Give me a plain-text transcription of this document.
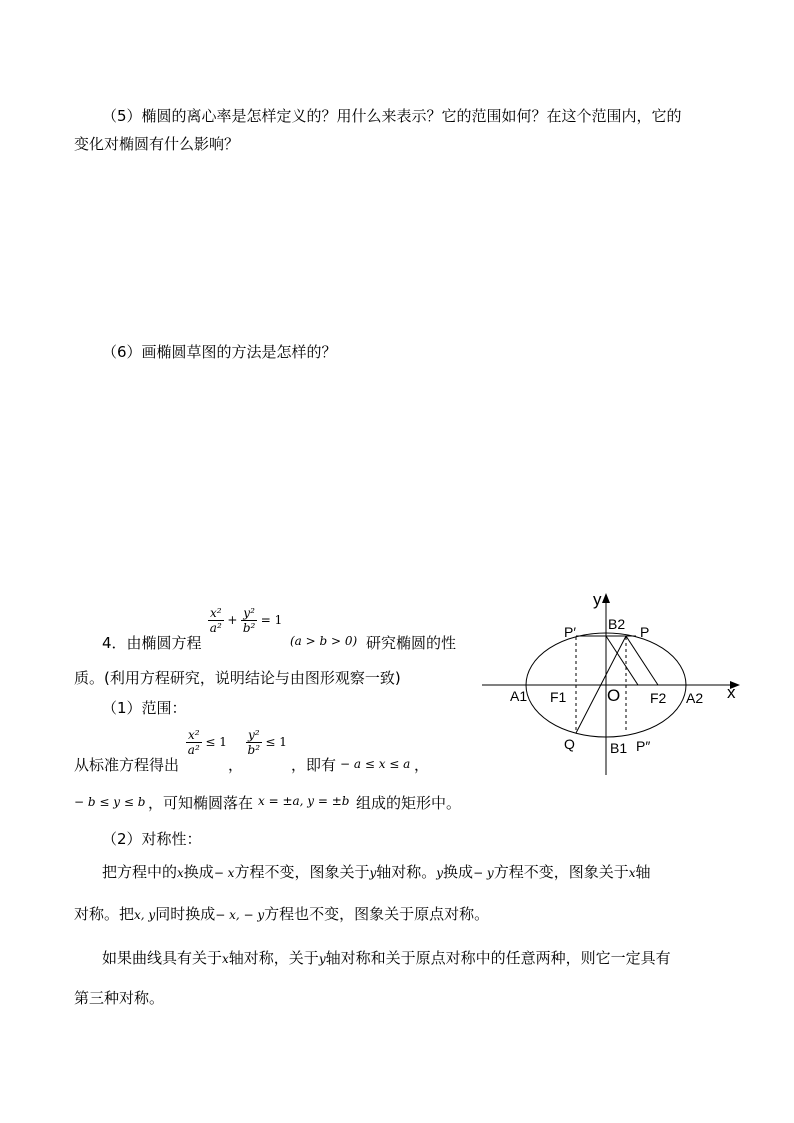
（5）椭圆的离心率是怎样定义的？用什么来表示？它的范围如何？在这个范围内，它的
变化对椭圆有什么影响？
（6）画椭圆草图的方法是怎样的？
4．由椭圆方程
$\frac{\text{x²}}{\text{a²}} + \frac{\text{y²}}{\text{b²}} = 1$
(a > b > 0) 研究椭圆的性
质。(利用方程研究，说明结论与由图形观察一致)
（1）范围：
从标准方程得出
$\frac{\text{x²}}{\text{a²}} \le 1$
，
$\frac{\text{y²}}{\text{b²}} \le 1$
，即有 − a ≤ x ≤ a ，
− b ≤ y ≤ b ，可知椭圆落在 x = ±a, y = ±b 组成的矩形中。
（2）对称性：
把方程中的x换成− x方程不变，图象关于y轴对称。y换成− y方程不变，图象关于x轴
对称。把x, y同时换成− x, − y方程也不变，图象关于原点对称。
如果曲线具有关于x轴对称，关于y轴对称和关于原点对称中的任意两种，则它一定具有
第三种对称。
y
x
O
B2
B1
A1	A2
F1	F2
P
P′
P″
Q
